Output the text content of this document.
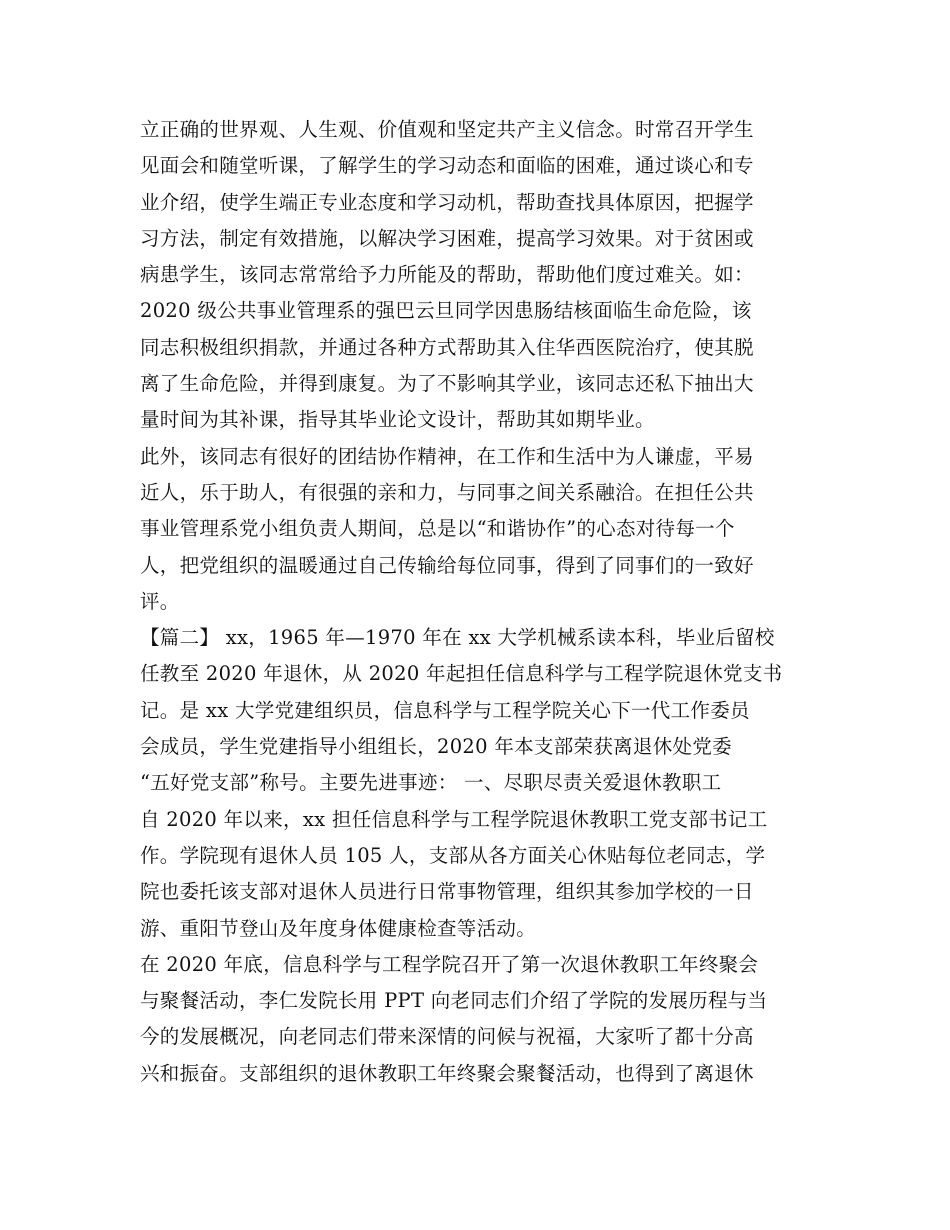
立正确的世界观、人生观、价值观和坚定共产主义信念。时常召开学生
见面会和随堂听课，了解学生的学习动态和面临的困难，通过谈心和专
业介绍，使学生端正专业态度和学习动机，帮助查找具体原因，把握学
习方法，制定有效措施，以解决学习困难，提高学习效果。对于贫困或
病患学生，该同志常常给予力所能及的帮助，帮助他们度过难关。如：
2020 级公共事业管理系的强巴云旦同学因患肠结核面临生命危险，该
同志积极组织捐款，并通过各种方式帮助其入住华西医院治疗，使其脱
离了生命危险，并得到康复。为了不影响其学业，该同志还私下抽出大
量时间为其补课，指导其毕业论文设计，帮助其如期毕业。
此外，该同志有很好的团结协作精神，在工作和生活中为人谦虚，平易
近人，乐于助人，有很强的亲和力，与同事之间关系融洽。在担任公共
事业管理系党小组负责人期间，总是以“和谐协作”的心态对待每一个
人，把党组织的温暖通过自己传输给每位同事，得到了同事们的一致好
评。
【篇二】 xx，1965 年—1970 年在 xx 大学机械系读本科，毕业后留校
任教至 2020 年退休，从 2020 年起担任信息科学与工程学院退休党支书
记。是 xx 大学党建组织员，信息科学与工程学院关心下一代工作委员
会成员，学生党建指导小组组长，2020 年本支部荣获离退休处党委
“五好党支部”称号。主要先进事迹： 一、尽职尽责关爱退休教职工
自 2020 年以来，xx 担任信息科学与工程学院退休教职工党支部书记工
作。学院现有退休人员 105 人，支部从各方面关心休贴每位老同志，学
院也委托该支部对退休人员进行日常事物管理，组织其参加学校的一日
游、重阳节登山及年度身体健康检查等活动。
在 2020 年底，信息科学与工程学院召开了第一次退休教职工年终聚会
与聚餐活动，李仁发院长用 PPT 向老同志们介绍了学院的发展历程与当
今的发展概况，向老同志们带来深情的问候与祝福，大家听了都十分高
兴和振奋。支部组织的退休教职工年终聚会聚餐活动，也得到了离退休
